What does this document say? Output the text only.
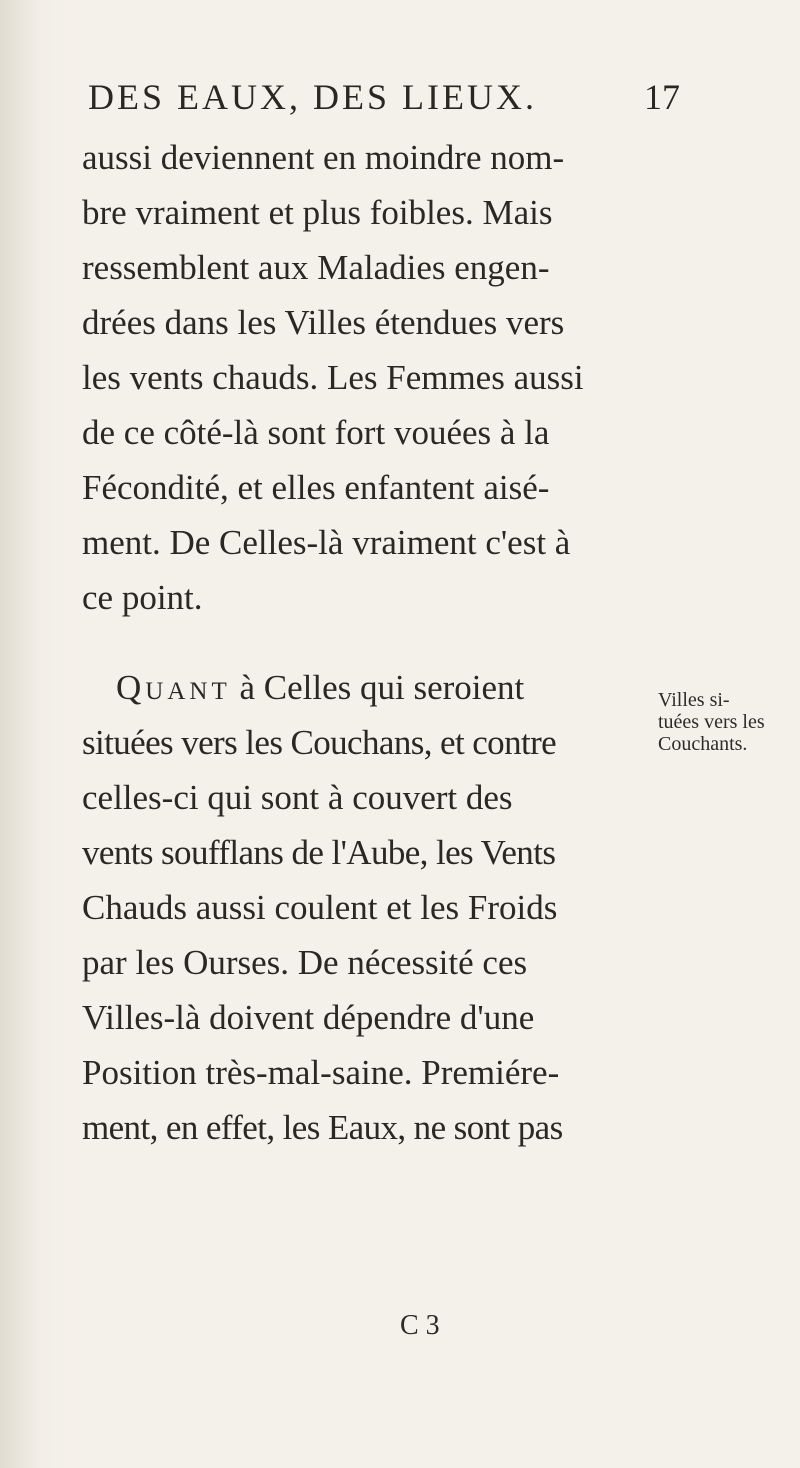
DES EAUX, DES LIEUX.	17
aussi deviennent en moindre nom-
bre vraiment et plus foibles. Mais
ressemblent aux Maladies engen-
drées dans les Villes étendues vers
les vents chauds. Les Femmes aussi
de ce côté-là sont fort vouées à la
Fécondité, et elles enfantent aisé-
ment. De Celles-là vraiment c'est à
ce point.
Quant à Celles qui seroient
situées vers les Couchans, et contre
celles-ci qui sont à couvert des
vents soufflans de l'Aube, les Vents
Chauds aussi coulent et les Froids
par les Ourses. De nécessité ces
Villes-là doivent dépendre d'une
Position très-mal-saine. Premiére-
ment, en effet, les Eaux, ne sont pas
Villes si-
tuées vers les
Couchants.
C 3
